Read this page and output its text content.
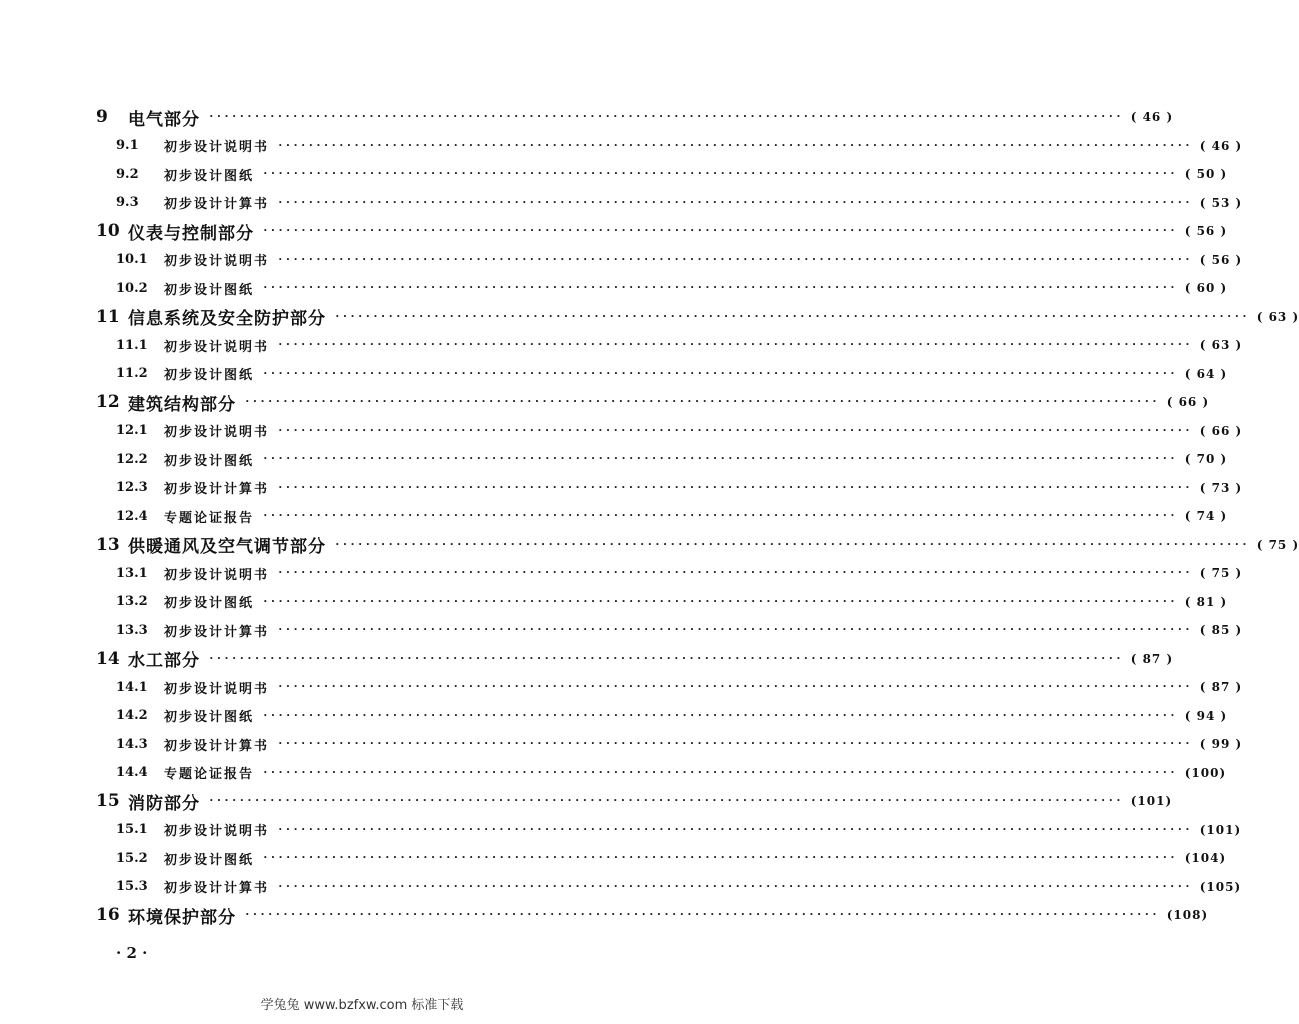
9	电气部分 ························································································································ ( 46 )
9.1	初步设计说明书 ························································································································ ( 46 )
9.2	初步设计图纸 ························································································································ ( 50 )
9.3	初步设计计算书 ························································································································ ( 53 )
10 仪表与控制部分 ························································································································ ( 56 )
10.1	初步设计说明书 ························································································································ ( 56 )
10.2	初步设计图纸 ························································································································ ( 60 )
11 信息系统及安全防护部分 ························································································································ ( 63 )
11.1	初步设计说明书 ························································································································ ( 63 )
11.2	初步设计图纸 ························································································································ ( 64 )
12 建筑结构部分 ························································································································ ( 66 )
12.1	初步设计说明书 ························································································································ ( 66 )
12.2	初步设计图纸 ························································································································ ( 70 )
12.3	初步设计计算书 ························································································································ ( 73 )
12.4	专题论证报告 ························································································································ ( 74 )
13 供暖通风及空气调节部分 ························································································································ ( 75 )
13.1	初步设计说明书 ························································································································ ( 75 )
13.2	初步设计图纸 ························································································································ ( 81 )
13.3	初步设计计算书 ························································································································ ( 85 )
14 水工部分 ························································································································ ( 87 )
14.1	初步设计说明书 ························································································································ ( 87 )
14.2	初步设计图纸 ························································································································ ( 94 )
14.3	初步设计计算书 ························································································································ ( 99 )
14.4	专题论证报告 ························································································································ (100)
15 消防部分 ························································································································ (101)
15.1	初步设计说明书 ························································································································ (101)
15.2	初步设计图纸 ························································································································ (104)
15.3	初步设计计算书 ························································································································ (105)
16 环境保护部分 ························································································································ (108)
· 2 ·
学兔兔 www.bzfxw.com 标准下载
